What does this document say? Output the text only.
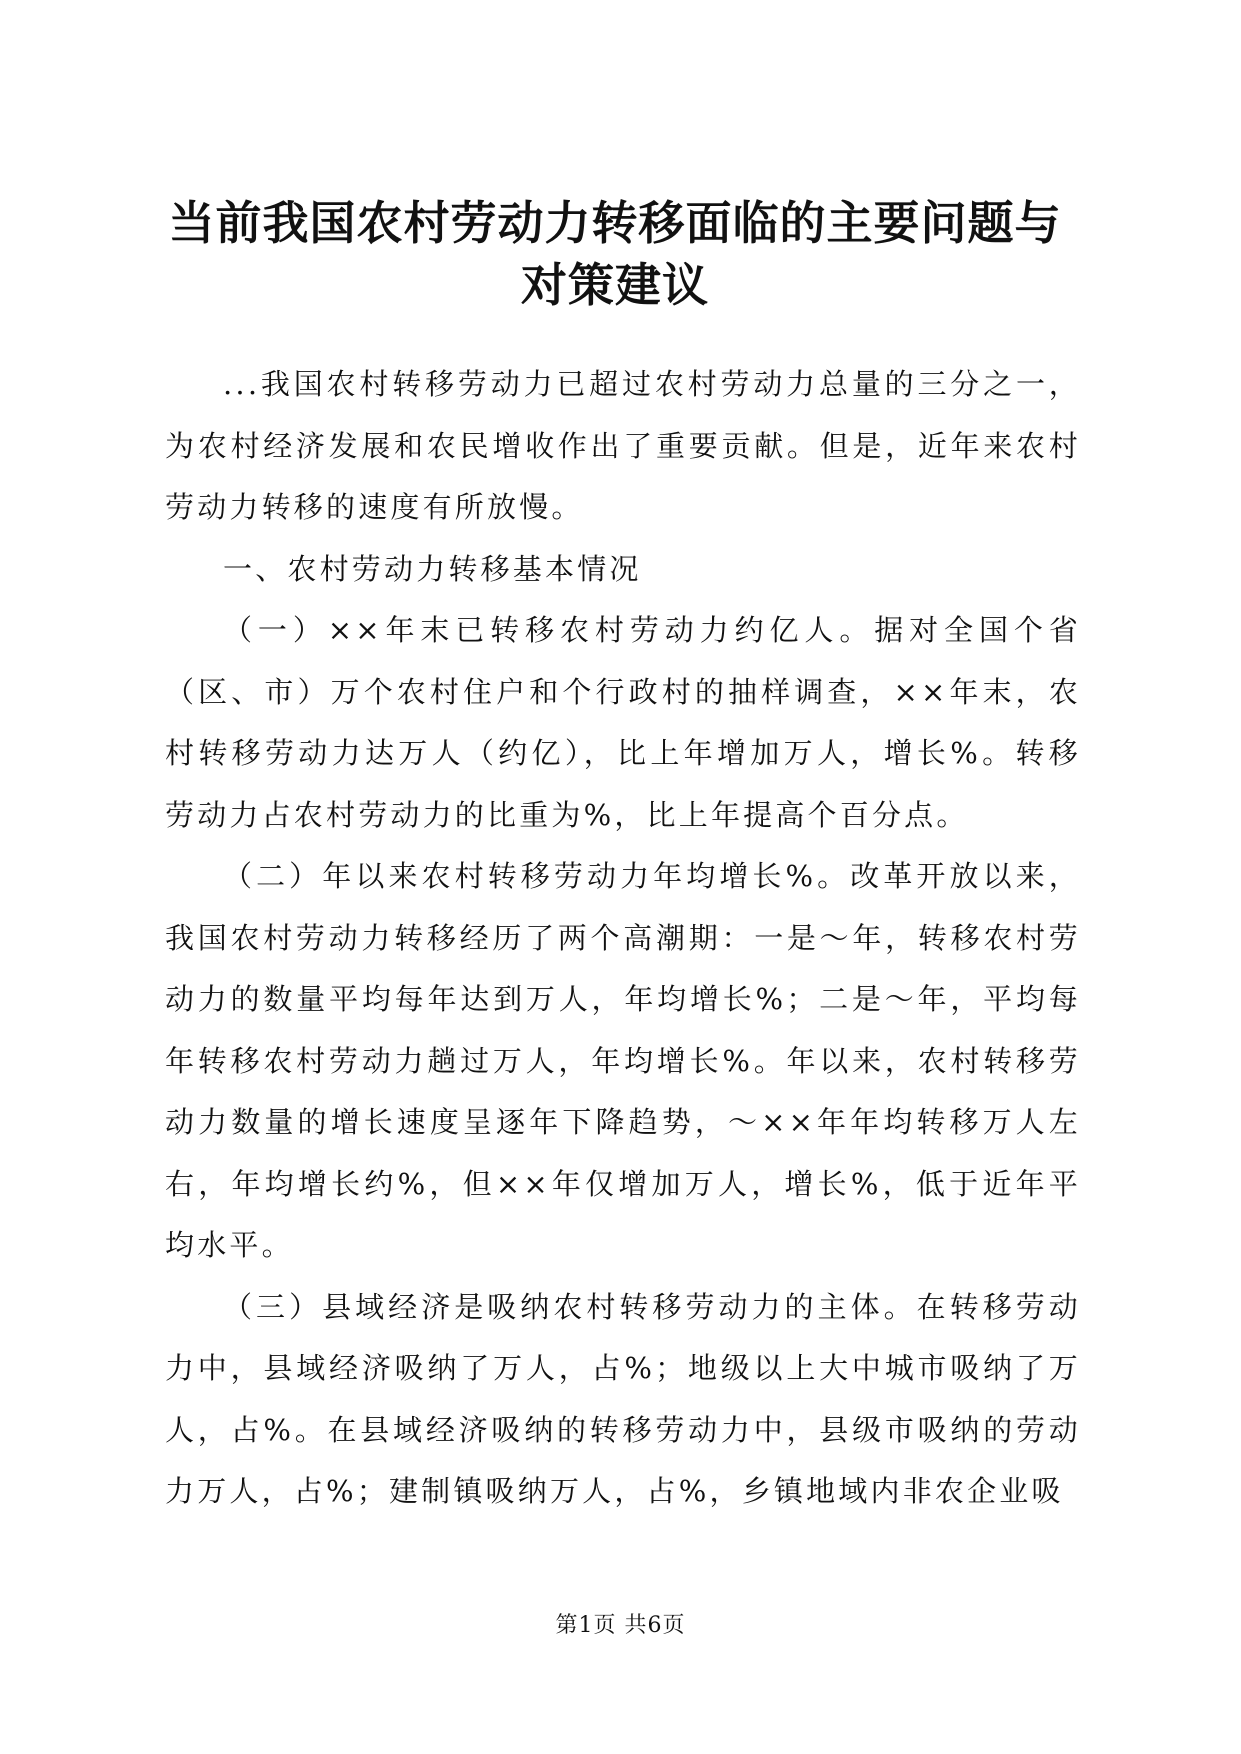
当前我国农村劳动力转移面临的主要问题与对策建议

...我国农村转移劳动力已超过农村劳动力总量的三分之一，为农村经济发展和农民增收作出了重要贡献。但是，近年来农村劳动力转移的速度有所放慢。

一、农村劳动力转移基本情况

（一）××年末已转移农村劳动力约亿人。据对全国个省（区、市）万个农村住户和个行政村的抽样调查，××年末，农村转移劳动力达万人（约亿），比上年增加万人，增长%。转移劳动力占农村劳动力的比重为%，比上年提高个百分点。

（二）年以来农村转移劳动力年均增长%。改革开放以来，我国农村劳动力转移经历了两个高潮期：一是～年，转移农村劳动力的数量平均每年达到万人，年均增长%；二是～年，平均每年转移农村劳动力趟过万人，年均增长%。年以来，农村转移劳动力数量的增长速度呈逐年下降趋势，～××年年均转移万人左右，年均增长约%，但××年仅增加万人，增长%，低于近年平均水平。

（三）县域经济是吸纳农村转移劳动力的主体。在转移劳动力中，县域经济吸纳了万人，占%；地级以上大中城市吸纳了万人，占%。在县域经济吸纳的转移劳动力中，县级市吸纳的劳动力万人，占%；建制镇吸纳万人，占%，乡镇地域内非农企业吸

第1页 共6页
